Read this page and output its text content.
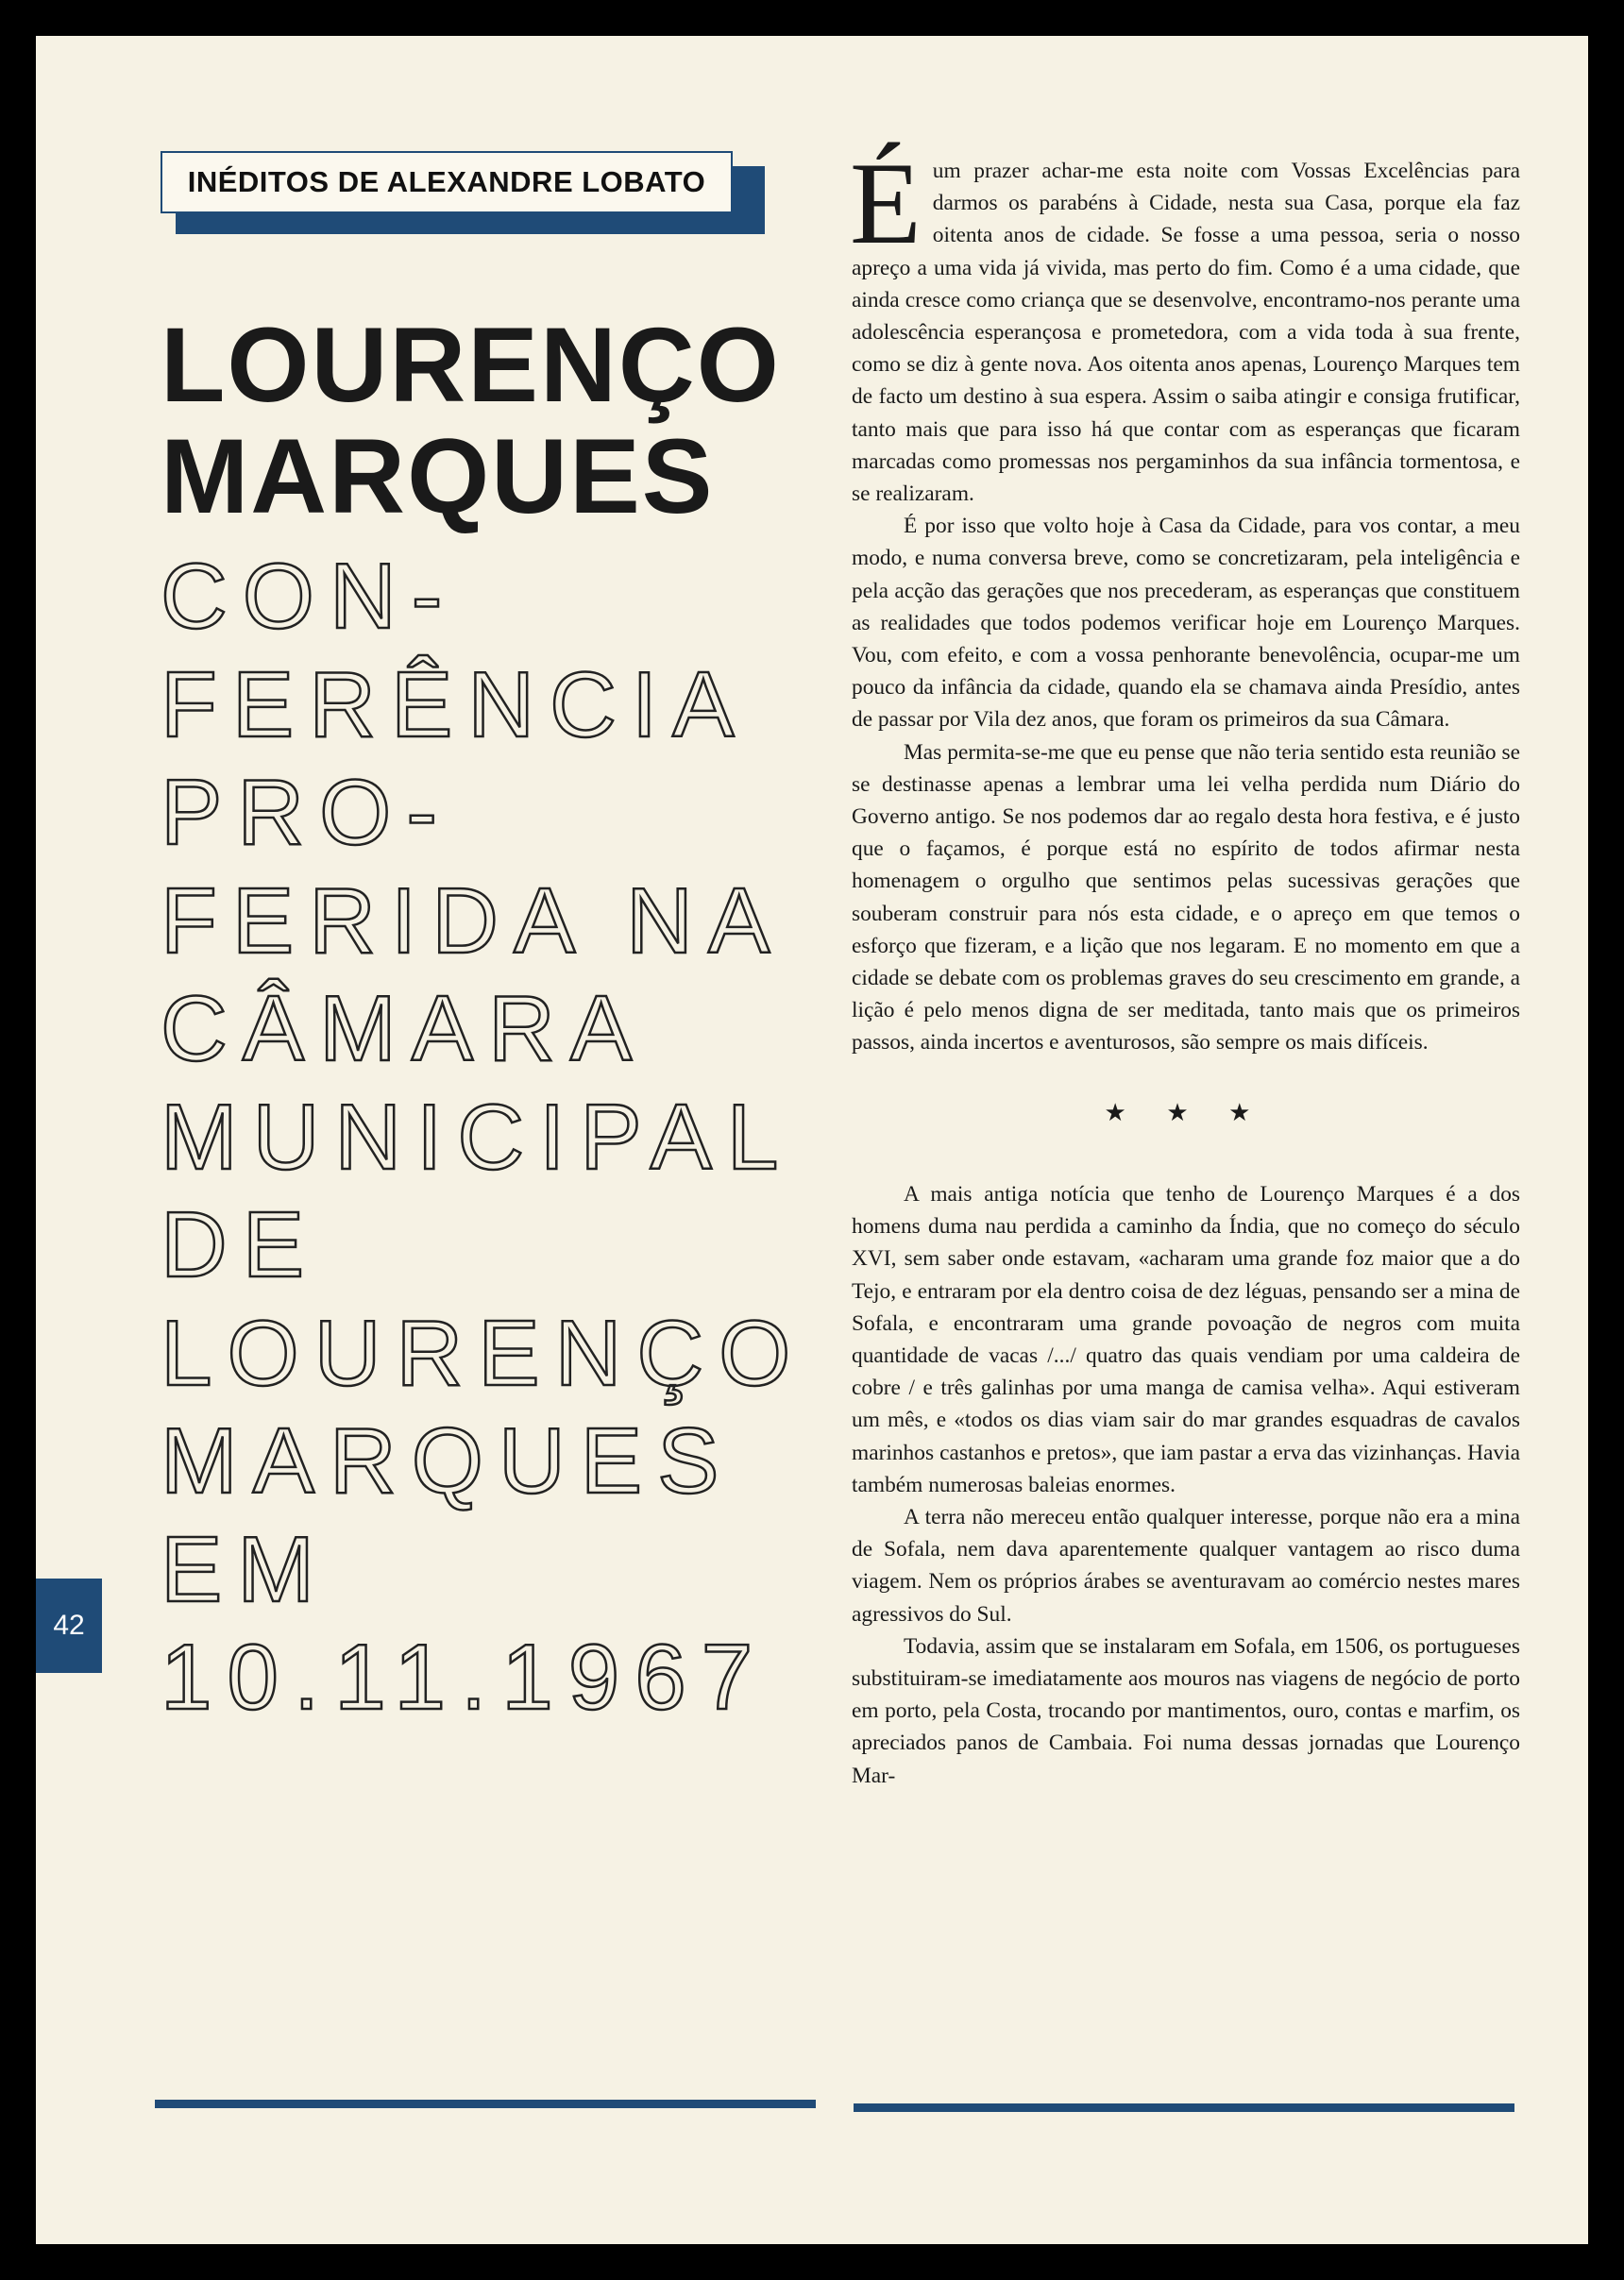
INÉDITOS DE ALEXANDRE LOBATO
LOURENÇO
MARQUES
CON-
FERÊNCIA
PRO-
FERIDA NA
CÂMARA
MUNICIPAL
DE
LOURENÇO
MARQUES
EM
10.11.1967
42

É um prazer achar-me esta noite com Vossas Excelências para darmos os parabéns à Cidade, nesta sua Casa, porque ela faz oitenta anos de cidade. Se fosse a uma pessoa, seria o nosso apreço a uma vida já vivida, mas perto do fim. Como é a uma cidade, que ainda cresce como criança que se desenvolve, encontramo-nos perante uma adolescência esperançosa e prometedora, com a vida toda à sua frente, como se diz à gente nova. Aos oitenta anos apenas, Lourenço Marques tem de facto um destino à sua espera. Assim o saiba atingir e consiga frutificar, tanto mais que para isso há que contar com as esperanças que ficaram marcadas como promessas nos pergaminhos da sua infância tormentosa, e se realizaram.

É por isso que volto hoje à Casa da Cidade, para vos contar, a meu modo, e numa conversa breve, como se concretizaram, pela inteligência e pela acção das gerações que nos precederam, as esperanças que constituem as realidades que todos podemos verificar hoje em Lourenço Marques. Vou, com efeito, e com a vossa penhorante benevolência, ocupar-me um pouco da infância da cidade, quando ela se chamava ainda Presídio, antes de passar por Vila dez anos, que foram os primeiros da sua Câmara.

Mas permita-se-me que eu pense que não teria sentido esta reunião se se destinasse apenas a lembrar uma lei velha perdida num Diário do Governo antigo. Se nos podemos dar ao regalo desta hora festiva, e é justo que o façamos, é porque está no espírito de todos afirmar nesta homenagem o orgulho que sentimos pelas sucessivas gerações que souberam construir para nós esta cidade, e o apreço em que temos o esforço que fizeram, e a lição que nos legaram. E no momento em que a cidade se debate com os problemas graves do seu crescimento em grande, a lição é pelo menos digna de ser meditada, tanto mais que os primeiros passos, ainda incertos e aventurosos, são sempre os mais difíceis.

★ ★ ★

A mais antiga notícia que tenho de Lourenço Marques é a dos homens duma nau perdida a caminho da Índia, que no começo do século XVI, sem saber onde estavam, «acharam uma grande foz maior que a do Tejo, e entraram por ela dentro coisa de dez léguas, pensando ser a mina de Sofala, e encontraram uma grande povoação de negros com muita quantidade de vacas /.../ quatro das quais vendiam por uma caldeira de cobre / e três galinhas por uma manga de camisa velha». Aqui estiveram um mês, e «todos os dias viam sair do mar grandes esquadras de cavalos marinhos castanhos e pretos», que iam pastar a erva das vizinhanças. Havia também numerosas baleias enormes.

A terra não mereceu então qualquer interesse, porque não era a mina de Sofala, nem dava aparentemente qualquer vantagem ao risco duma viagem. Nem os próprios árabes se aventuravam ao comércio nestes mares agressivos do Sul.

Todavia, assim que se instalaram em Sofala, em 1506, os portugueses substituiram-se imediatamente aos mouros nas viagens de negócio de porto em porto, pela Costa, trocando por mantimentos, ouro, contas e marfim, os apreciados panos de Cambaia. Foi numa dessas jornadas que Lourenço Mar-
